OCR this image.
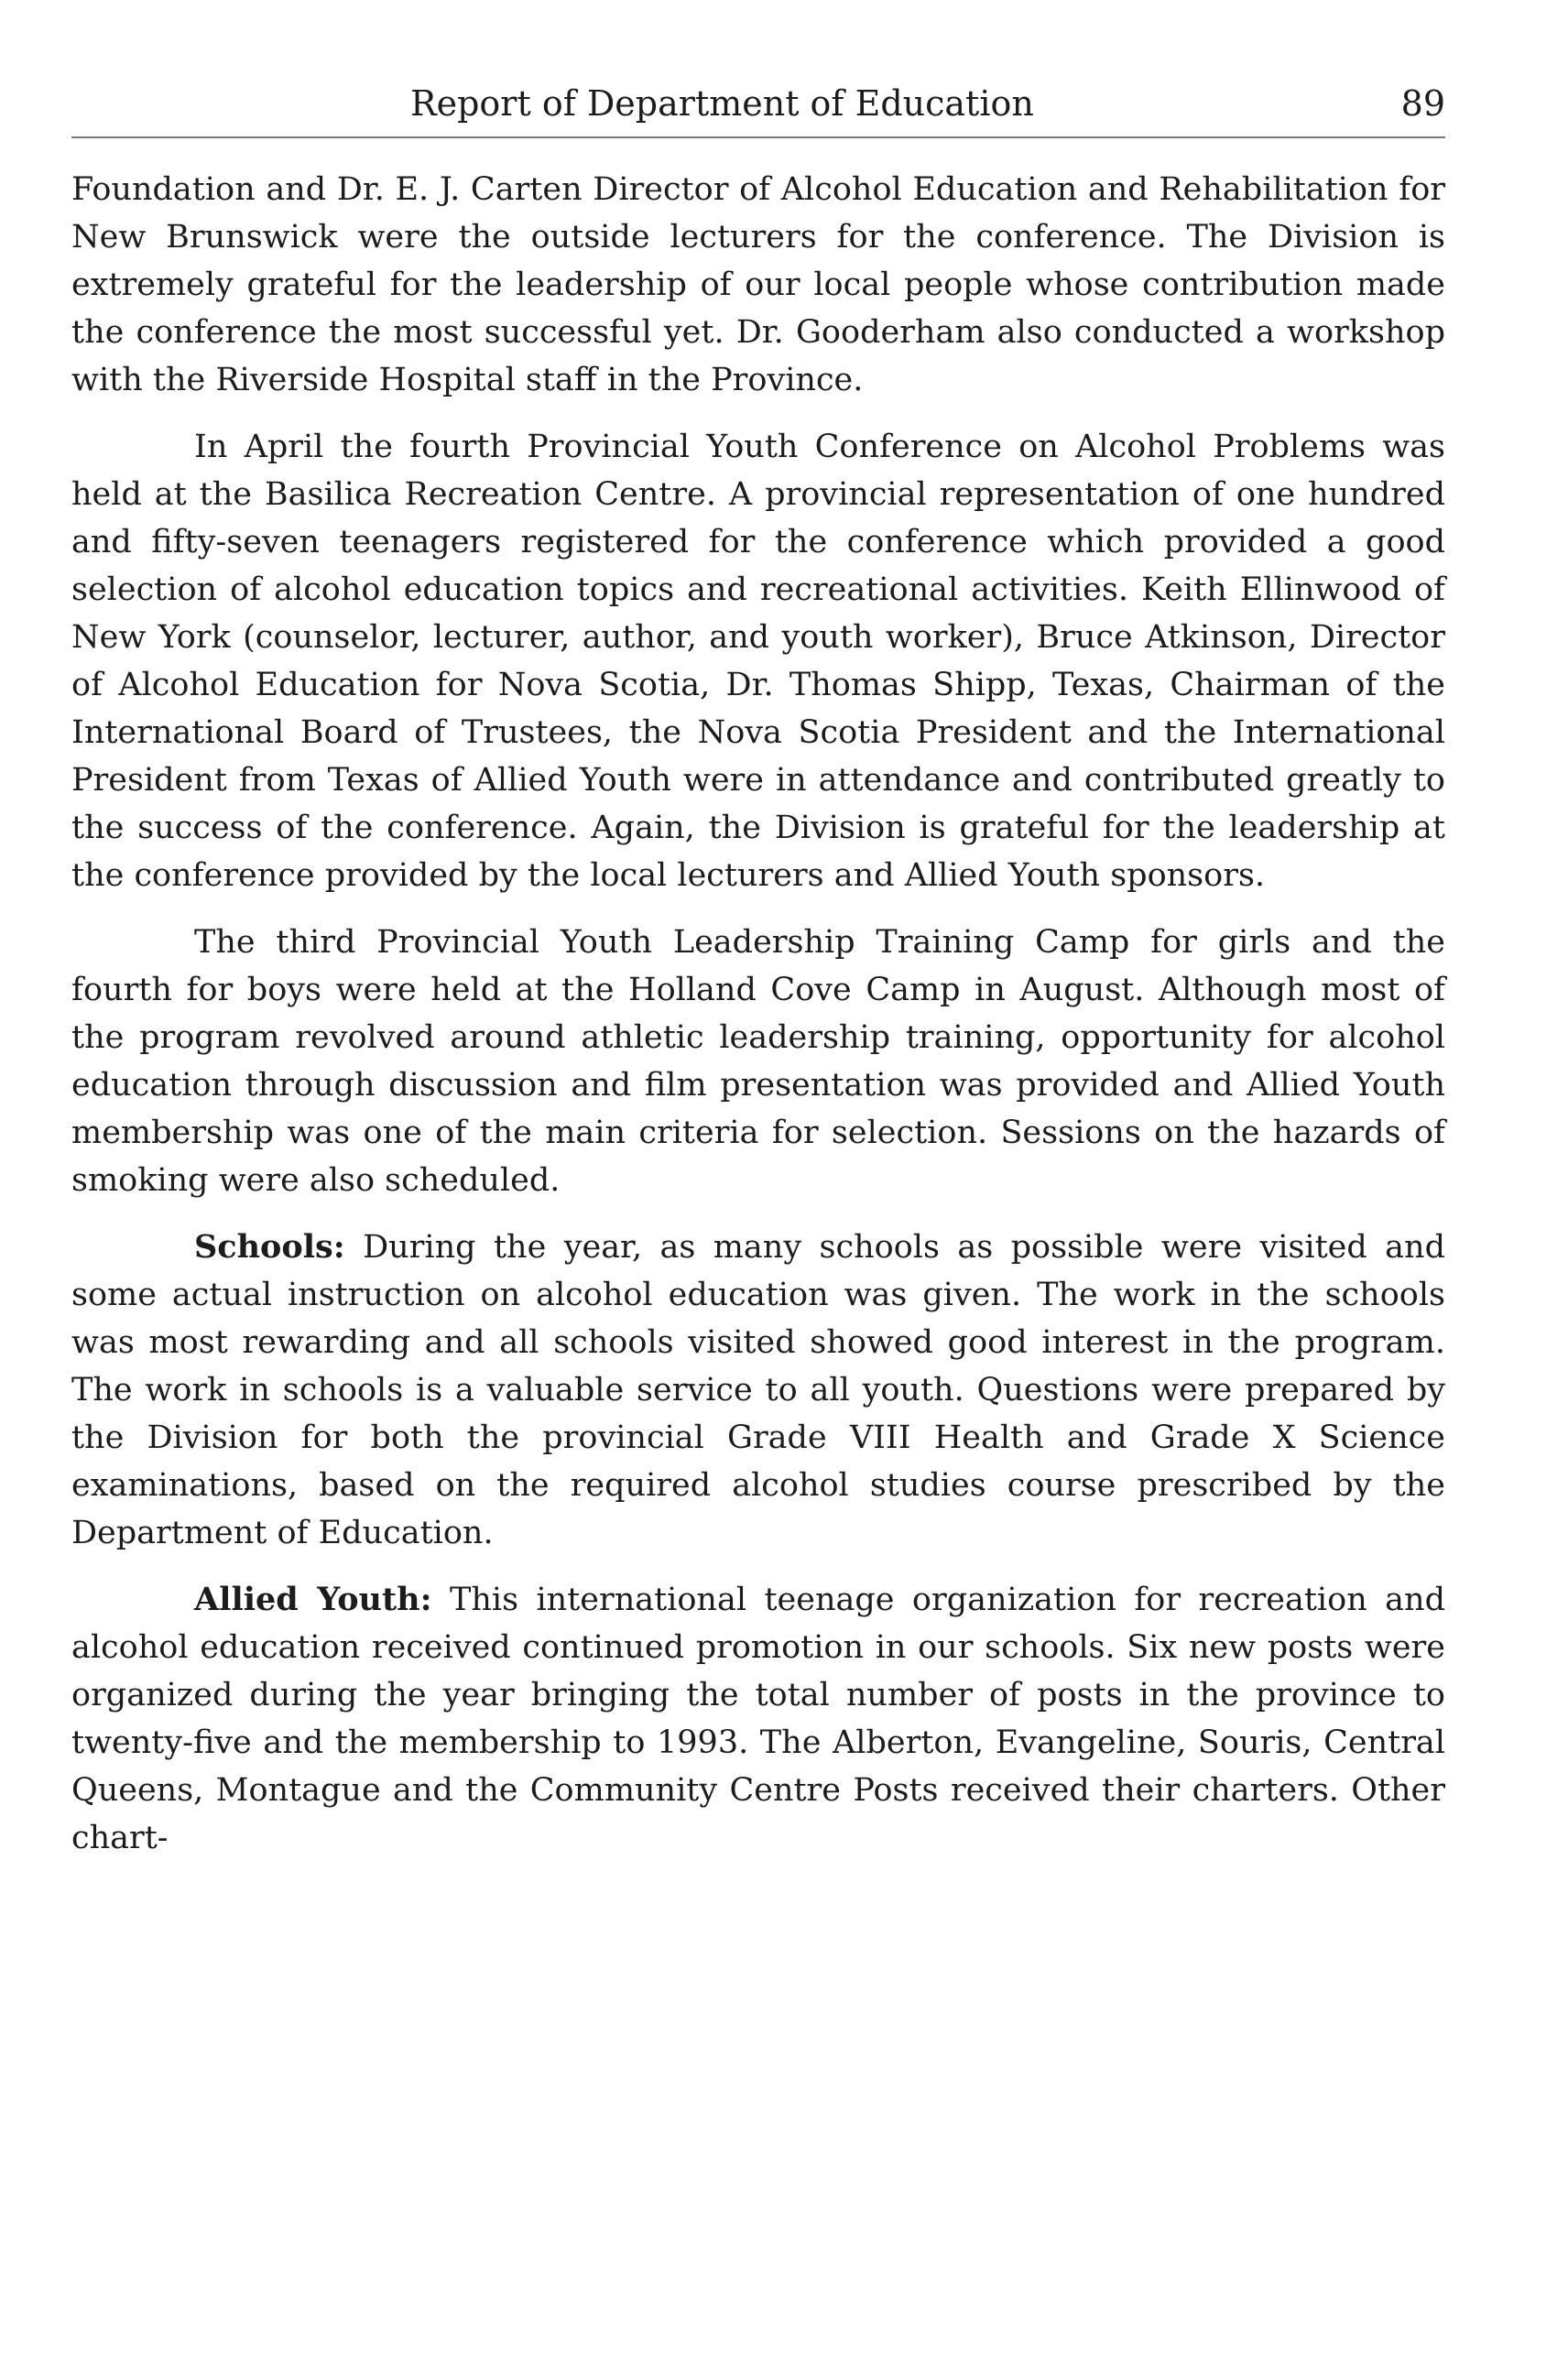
Report of Department of Education	89

Foundation and Dr. E. J. Carten Director of Alcohol Education and Rehabilitation for New Brunswick were the outside lecturers for the conference. The Division is extremely grateful for the leadership of our local people whose contribution made the conference the most successful yet. Dr. Gooderham also conducted a workshop with the Riverside Hospital staff in the Province.

In April the fourth Provincial Youth Conference on Alcohol Problems was held at the Basilica Recreation Centre. A provincial representation of one hundred and fifty-seven teenagers registered for the conference which provided a good selection of alcohol education topics and recreational activities. Keith Ellinwood of New York (counselor, lecturer, author, and youth worker), Bruce Atkinson, Director of Alcohol Education for Nova Scotia, Dr. Thomas Shipp, Texas, Chairman of the International Board of Trustees, the Nova Scotia President and the International President from Texas of Allied Youth were in attendance and contributed greatly to the success of the conference. Again, the Division is grateful for the leadership at the conference provided by the local lecturers and Allied Youth sponsors.

The third Provincial Youth Leadership Training Camp for girls and the fourth for boys were held at the Holland Cove Camp in August. Although most of the program revolved around athletic leadership training, opportunity for alcohol education through discussion and film presentation was provided and Allied Youth membership was one of the main criteria for selection. Sessions on the hazards of smoking were also scheduled.

Schools: During the year, as many schools as possible were visited and some actual instruction on alcohol education was given. The work in the schools was most rewarding and all schools visited showed good interest in the program. The work in schools is a valuable service to all youth. Questions were prepared by the Division for both the provincial Grade VIII Health and Grade X Science examinations, based on the required alcohol studies course prescribed by the Department of Education.

Allied Youth: This international teenage organization for recreation and alcohol education received continued promotion in our schools. Six new posts were organized during the year bringing the total number of posts in the province to twenty-five and the membership to 1993. The Alberton, Evangeline, Souris, Central Queens, Montague and the Community Centre Posts received their charters. Other chart-
